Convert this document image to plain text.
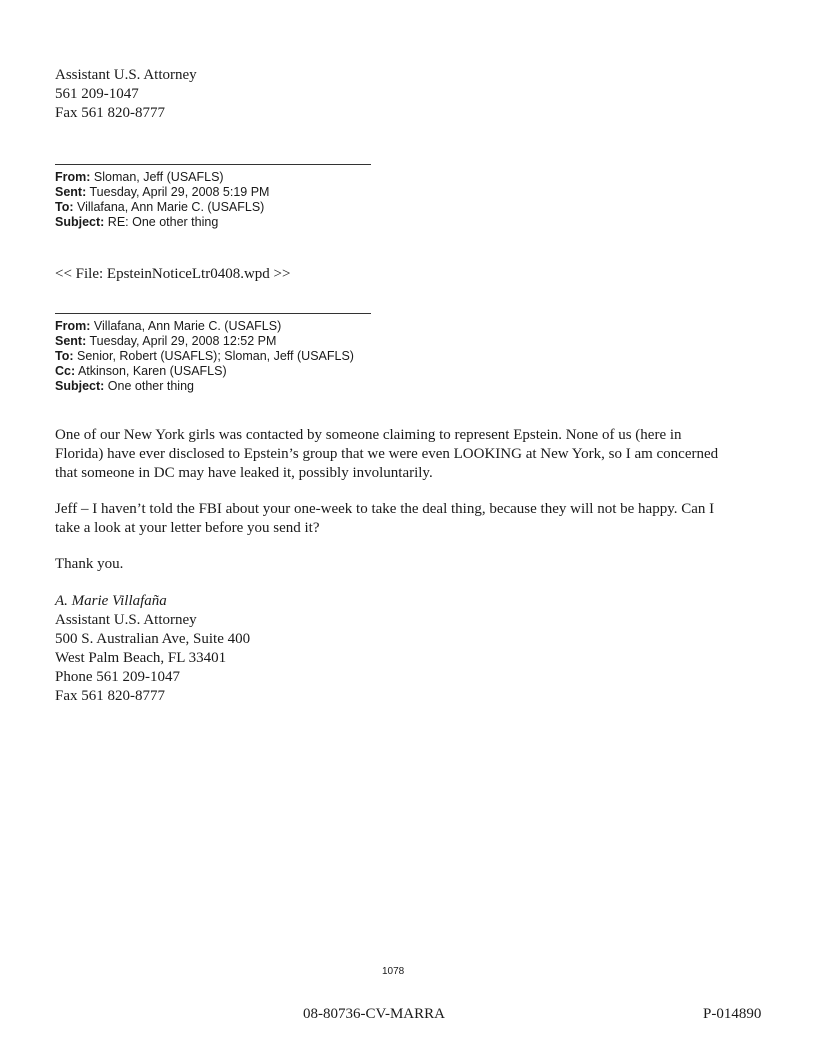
Assistant U.S. Attorney
561 209-1047
Fax 561 820-8777
From: Sloman, Jeff (USAFLS)
Sent: Tuesday, April 29, 2008 5:19 PM
To: Villafana, Ann Marie C. (USAFLS)
Subject: RE: One other thing
<< File: EpsteinNoticeLtr0408.wpd >>
From: Villafana, Ann Marie C. (USAFLS)
Sent: Tuesday, April 29, 2008 12:52 PM
To: Senior, Robert (USAFLS); Sloman, Jeff (USAFLS)
Cc: Atkinson, Karen (USAFLS)
Subject: One other thing
One of our New York girls was contacted by someone claiming to represent Epstein. None of us (here in
Florida) have ever disclosed to Epstein’s group that we were even LOOKING at New York, so I am concerned
that someone in DC may have leaked it, possibly involuntarily.
Jeff – I haven’t told the FBI about your one-week to take the deal thing, because they will not be happy. Can I
take a look at your letter before you send it?
Thank you.
A. Marie Villafaña
Assistant U.S. Attorney
500 S. Australian Ave, Suite 400
West Palm Beach, FL 33401
Phone 561 209-1047
Fax 561 820-8777
1078
08-80736-CV-MARRA	P-014890
